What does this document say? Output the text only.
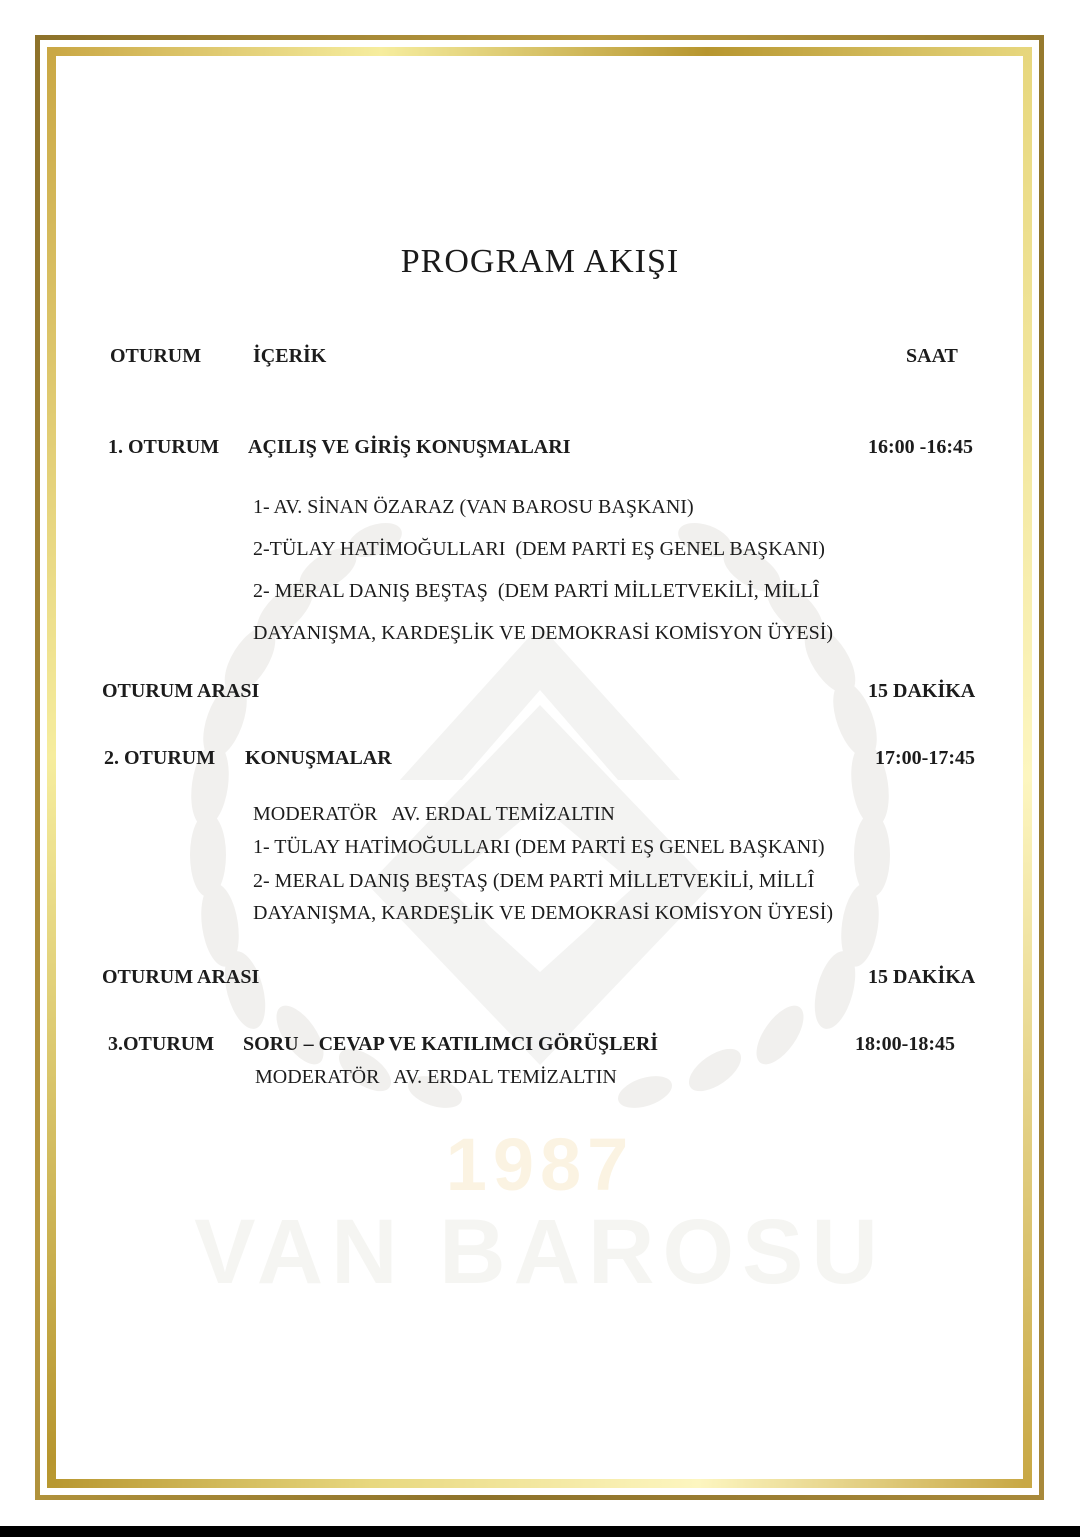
1987
VAN BAROSU
PROGRAM AKIŞI
OTURUM	İÇERİK	SAAT
1. OTURUM AÇILIŞ VE GİRİŞ KONUŞMALARI	16:00 -16:45
1- AV. SİNAN ÖZARAZ (VAN BAROSU BAŞKANI)
2-TÜLAY HATİMOĞULLARI  (DEM PARTİ EŞ GENEL BAŞKANI)
2- MERAL DANIŞ BEŞTAŞ  (DEM PARTİ MİLLETVEKİLİ, MİLLÎ
DAYANIŞMA, KARDEŞLİK VE DEMOKRASİ KOMİSYON ÜYESİ)
OTURUM ARASI	15 DAKİKA
2. OTURUM KONUŞMALAR	17:00-17:45
MODERATÖR   AV. ERDAL TEMİZALTIN
1- TÜLAY HATİMOĞULLARI (DEM PARTİ EŞ GENEL BAŞKANI)
2- MERAL DANIŞ BEŞTAŞ (DEM PARTİ MİLLETVEKİLİ, MİLLÎ
DAYANIŞMA, KARDEŞLİK VE DEMOKRASİ KOMİSYON ÜYESİ)
OTURUM ARASI	15 DAKİKA
3.OTURUM SORU – CEVAP VE KATILIMCI GÖRÜŞLERİ	18:00-18:45
MODERATÖR   AV. ERDAL TEMİZALTIN
